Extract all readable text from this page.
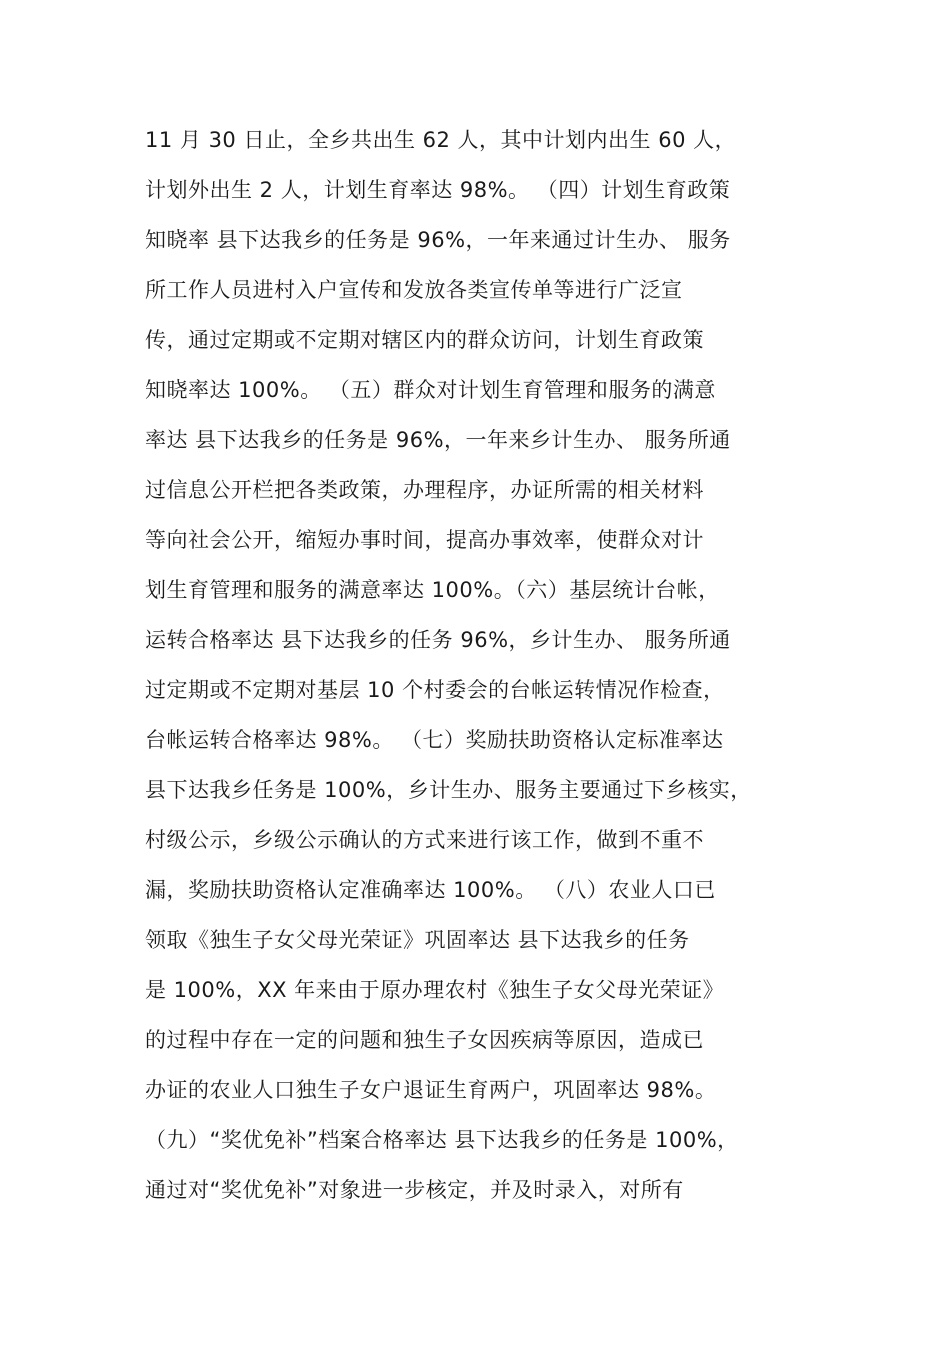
11 月 30 日止，全乡共出生 62 人，其中计划内出生 60 人，
计划外出生 2 人，计划生育率达 98%。 （四）计划生育政策
知晓率 县下达我乡的任务是 96%，一年来通过计生办、 服务
所工作人员进村入户宣传和发放各类宣传单等进行广泛宣
传，通过定期或不定期对辖区内的群众访问，计划生育政策
知晓率达 100%。 （五）群众对计划生育管理和服务的满意
率达 县下达我乡的任务是 96%，一年来乡计生办、 服务所通
过信息公开栏把各类政策，办理程序，办证所需的相关材料
等向社会公开，缩短办事时间，提高办事效率，使群众对计
划生育管理和服务的满意率达 100%。（六）基层统计台帐，
运转合格率达 县下达我乡的任务 96%，乡计生办、 服务所通
过定期或不定期对基层 10 个村委会的台帐运转情况作检查，
台帐运转合格率达 98%。 （七）奖励扶助资格认定标准率达
县下达我乡任务是 100%，乡计生办、服务主要通过下乡核实，
村级公示，乡级公示确认的方式来进行该工作，做到不重不
漏，奖励扶助资格认定准确率达 100%。 （八）农业人口已
领取《独生子女父母光荣证》巩固率达 县下达我乡的任务
是 100%，XX 年来由于原办理农村《独生子女父母光荣证》
的过程中存在一定的问题和独生子女因疾病等原因，造成已
办证的农业人口独生子女户退证生育两户，巩固率达 98%。
（九）“奖优免补”档案合格率达 县下达我乡的任务是 100%，
通过对“奖优免补”对象进一步核定，并及时录入，对所有
